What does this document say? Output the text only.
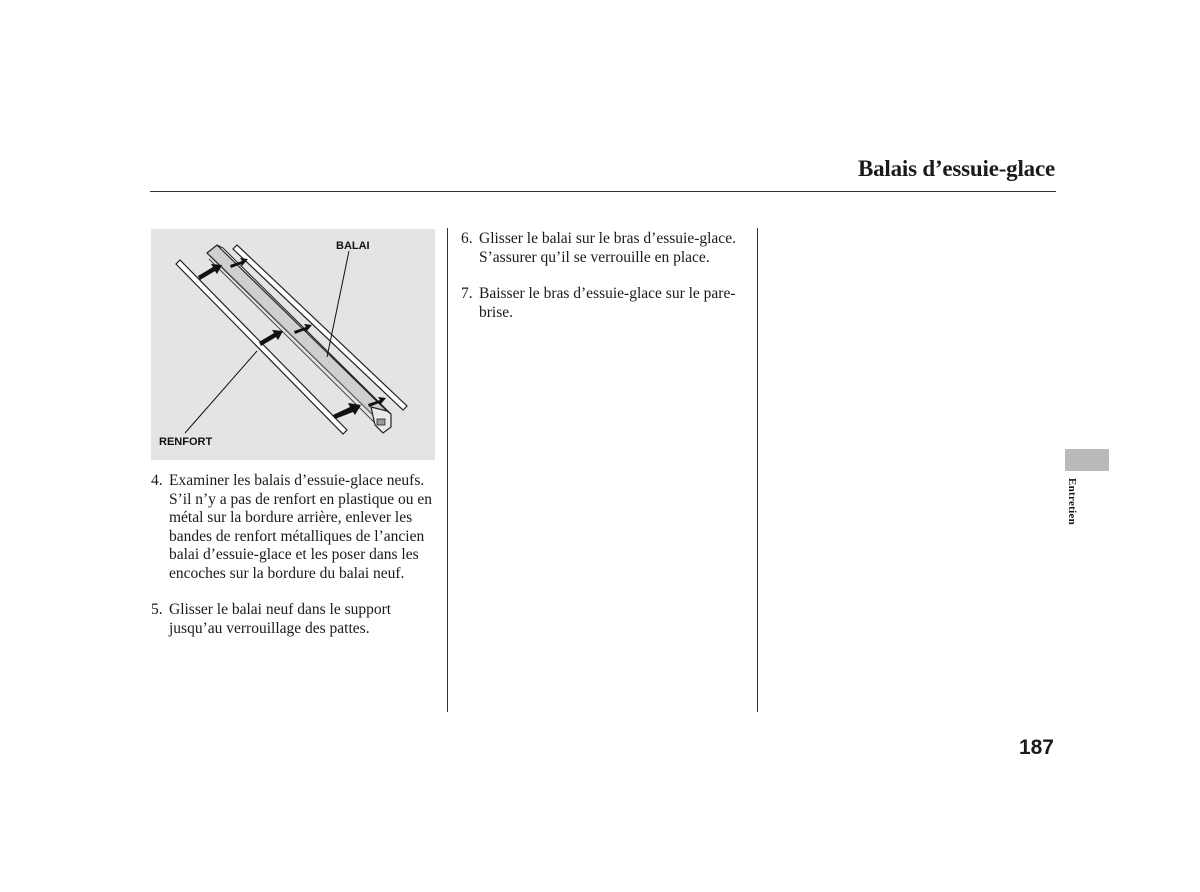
Balais d’essuie-glace
BALAI
RENFORT
4. Examiner les balais d’essuie-glace neufs. S’il n’y a pas de renfort en plastique ou en métal sur la bordure arrière, enlever les bandes de renfort métalliques de l’ancien balai d’essuie-glace et les poser dans les encoches sur la bordure du balai neuf.
5. Glisser le balai neuf dans le support jusqu’au verrouillage des pattes.
6. Glisser le balai sur le bras d’essuie-glace. S’assurer qu’il se verrouille en place.
7. Baisser le bras d’essuie-glace sur le pare-brise.
Entretien
187
